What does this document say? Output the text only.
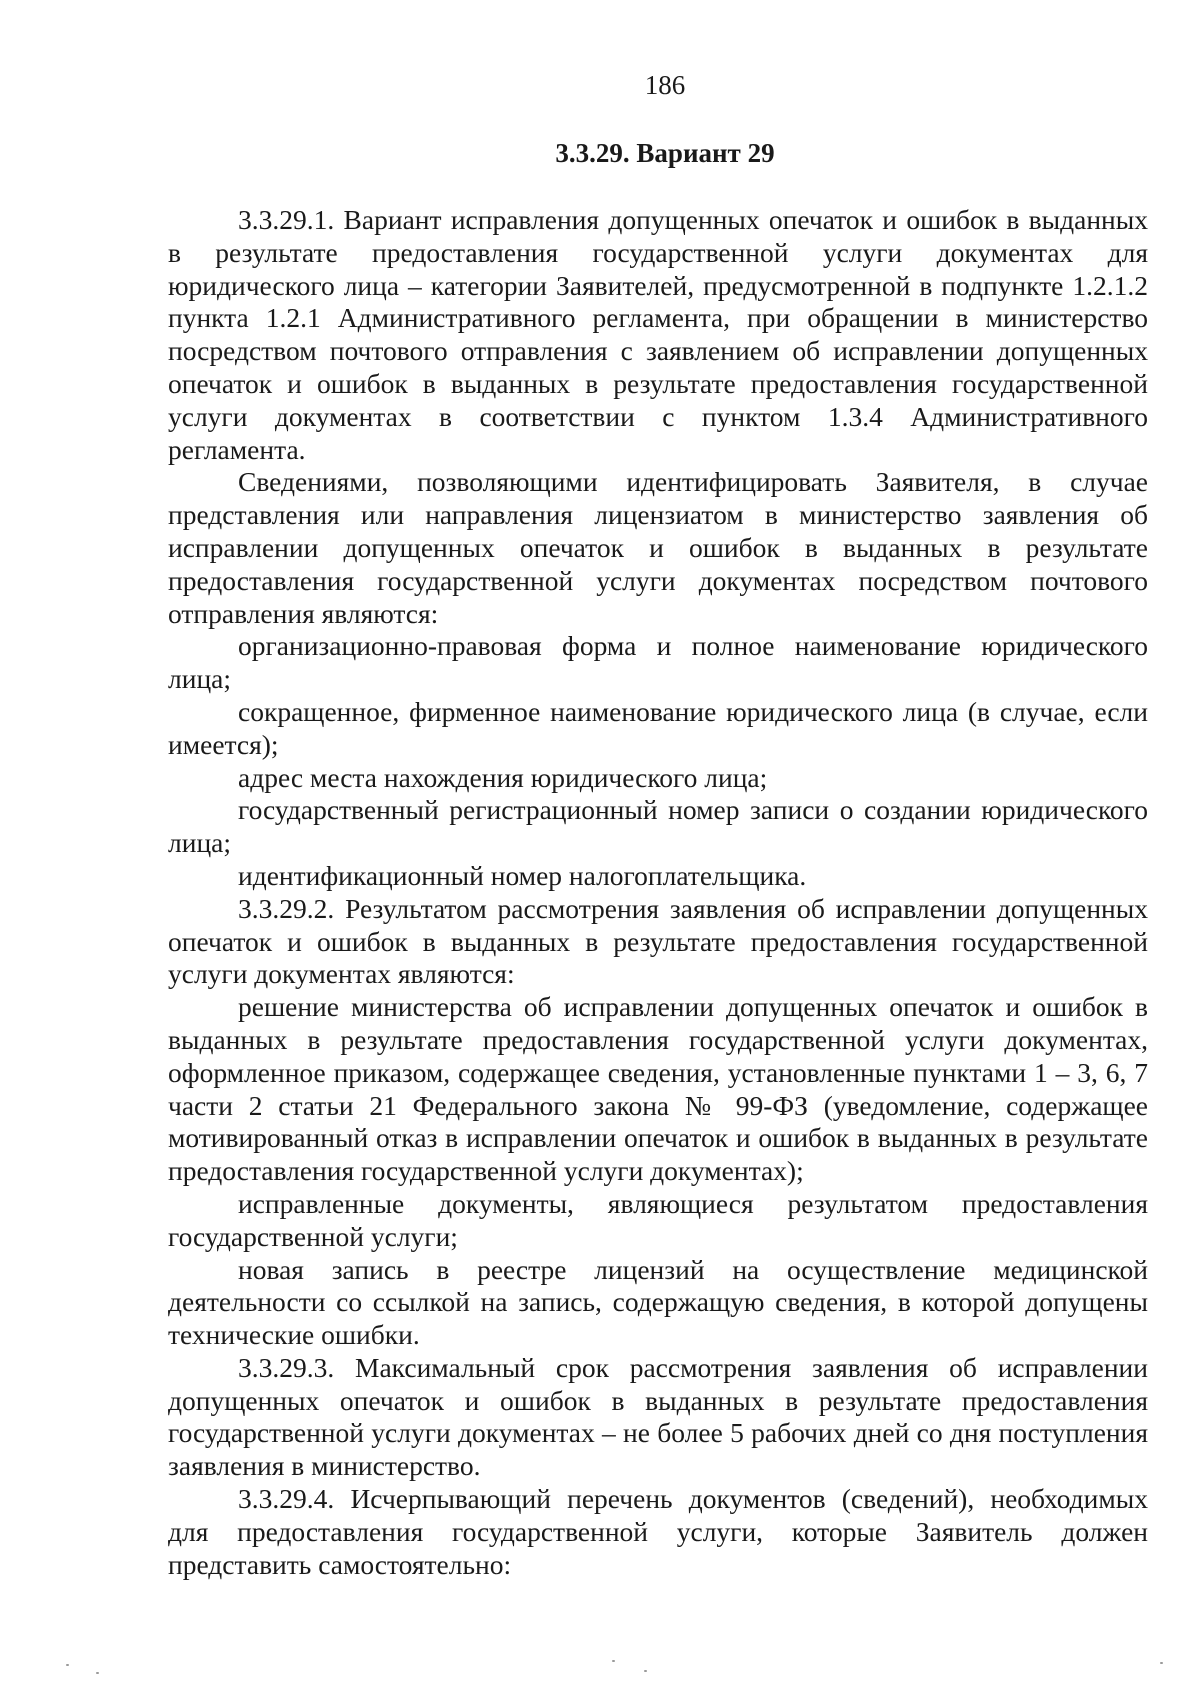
186
3.3.29. Вариант 29

3.3.29.1. Вариант исправления допущенных опечаток и ошибок в выданных в результате предоставления государственной услуги документах для юридического лица – категории Заявителей, предусмотренной в подпункте 1.2.1.2 пункта 1.2.1 Административного регламента, при обращении в министерство посредством почтового отправления с заявлением об исправлении допущенных опечаток и ошибок в выданных в результате предоставления государственной услуги документах в соответствии с пунктом 1.3.4 Административного регламента.

Сведениями, позволяющими идентифицировать Заявителя, в случае представления или направления лицензиатом в министерство заявления об исправлении допущенных опечаток и ошибок в выданных в результате предоставления государственной услуги документах посредством почтового отправления являются:

организационно-правовая форма и полное наименование юридического лица;

сокращенное, фирменное наименование юридического лица (в случае, если имеется);

адрес места нахождения юридического лица;

государственный регистрационный номер записи о создании юридического лица;

идентификационный номер налогоплательщика.

3.3.29.2. Результатом рассмотрения заявления об исправлении допущенных опечаток и ошибок в выданных в результате предоставления государственной услуги документах являются:

решение министерства об исправлении допущенных опечаток и ошибок в выданных в результате предоставления государственной услуги документах, оформленное приказом, содержащее сведения, установленные пунктами 1 – 3, 6, 7 части 2 статьи 21 Федерального закона № 99-ФЗ (уведомление, содержащее мотивированный отказ в исправлении опечаток и ошибок в выданных в результате предоставления государственной услуги документах);

исправленные документы, являющиеся результатом предоставления государственной услуги;

новая запись в реестре лицензий на осуществление медицинской деятельности со ссылкой на запись, содержащую сведения, в которой допущены технические ошибки.

3.3.29.3. Максимальный срок рассмотрения заявления об исправлении допущенных опечаток и ошибок в выданных в результате предоставления государственной услуги документах – не более 5 рабочих дней со дня поступления заявления в министерство.

3.3.29.4. Исчерпывающий перечень документов (сведений), необходимых для предоставления государственной услуги, которые Заявитель должен представить самостоятельно:
